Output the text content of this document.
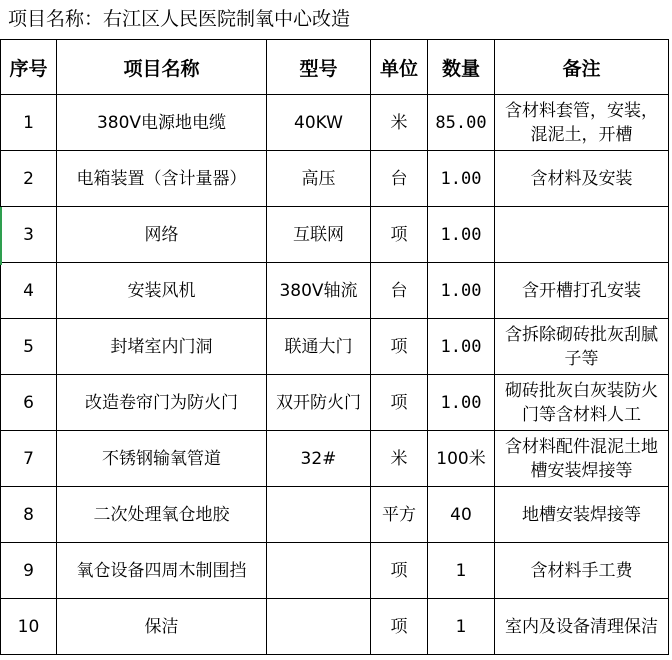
项目名称：右江区人民医院制氧中心改造
序号	项目名称	型号	单位	数量	备注
1	380V电源地电缆	40KW	米	85.00	含材料套管，安装，混泥土，开槽
2	电箱装置（含计量器）	高压	台	1.00	含材料及安装
3	网络	互联网	项	1.00	
4	安装风机	380V轴流	台	1.00	含开槽打孔安装
5	封堵室内门洞	联通大门	项	1.00	含拆除砌砖批灰刮腻子等
6	改造卷帘门为防火门	双开防火门	项	1.00	砌砖批灰白灰装防火门等含材料人工
7	不锈钢输氧管道	32#	米	100米	含材料配件混泥土地槽安装焊接等
8	二次处理氧仓地胶		平方	40	地槽安装焊接等
9	氧仓设备四周木制围挡		项	1	含材料手工费
10	保洁		项	1	室内及设备清理保洁
